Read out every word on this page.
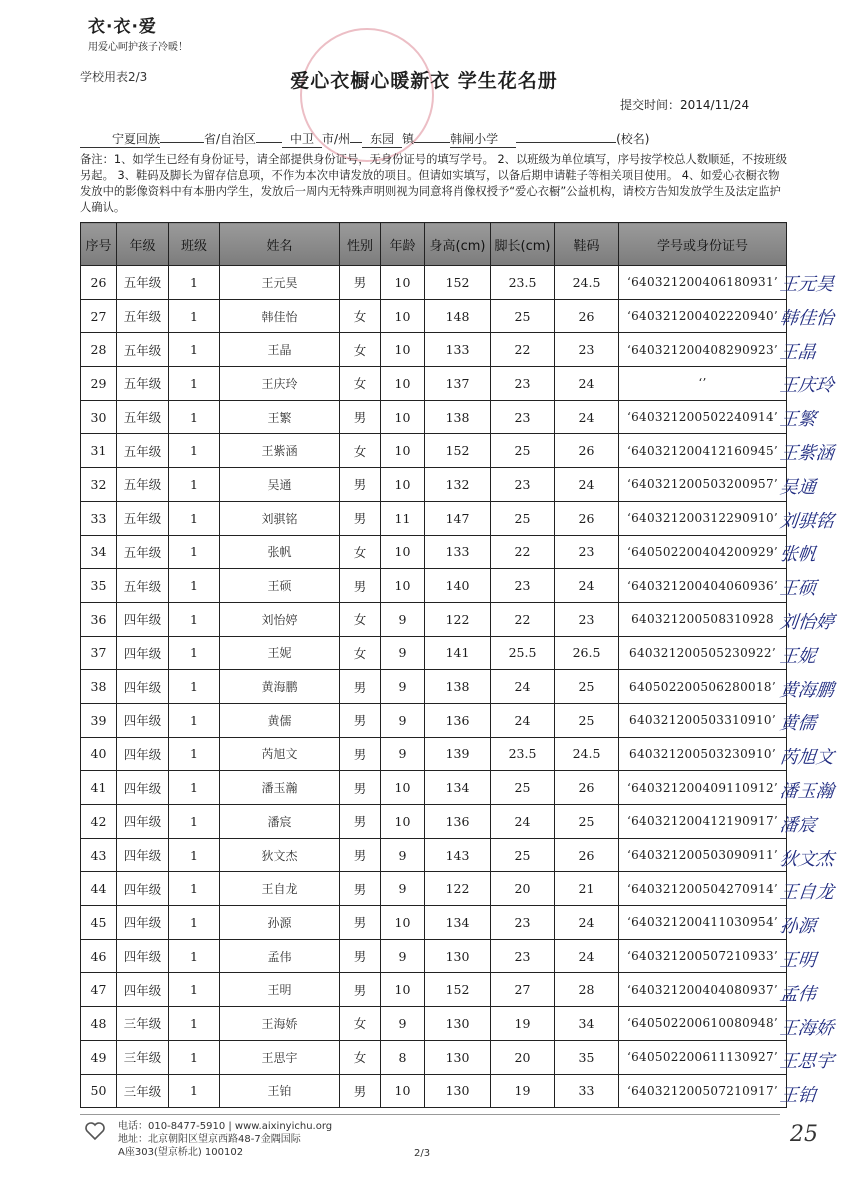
衣·衣·爱
用爱心呵护孩子冷暖！
学校用表2/3	爱心衣橱心暖新衣 学生花名册
提交时间：2014/11/24
宁夏回族	省/自治区	中卫 市/州 东园 镇	韩闸小学	(校名)
备注：1、如学生已经有身份证号，请全部提供身份证号，无身份证号的填写学号。 2、以班级为单位填写，序号按学校总人数顺延，不按班级另起。 3、鞋码及脚长为留存信息项，不作为本次申请发放的项目。但请如实填写，以备后期申请鞋子等相关项目使用。 4、如爱心衣橱衣物发放中的影像资料中有本册内学生，发放后一周内无特殊声明则视为同意将肖像权授予“爱心衣橱”公益机构，请校方告知发放学生及法定监护人确认。
序号	年级	班级	姓名	性别	年龄	身高(cm)	脚长(cm)	鞋码	学号或身份证号
26	五年级	1	王元昊	男	10	152	23.5	24.5	‘640321200406180931’
27	五年级	1	韩佳怡	女	10	148	25	26	‘640321200402220940’
28	五年级	1	王晶	女	10	133	22	23	‘640321200408290923’
29	五年级	1	王庆玲	女	10	137	23	24	‘’
30	五年级	1	王繁	男	10	138	23	24	‘640321200502240914’
31	五年级	1	王紫涵	女	10	152	25	26	‘640321200412160945’
32	五年级	1	吴通	男	10	132	23	24	‘640321200503200957’
33	五年级	1	刘骐铭	男	11	147	25	26	‘640321200312290910’
34	五年级	1	张帆	女	10	133	22	23	‘640502200404200929’
35	五年级	1	王硕	男	10	140	23	24	‘640321200404060936’
36	四年级	1	刘怡婷	女	9	122	22	23	640321200508310928
37	四年级	1	王妮	女	9	141	25.5	26.5	640321200505230922’
38	四年级	1	黄海鹏	男	9	138	24	25	640502200506280018’
39	四年级	1	黄儒	男	9	136	24	25	640321200503310910’
40	四年级	1	芮旭文	男	9	139	23.5	24.5	640321200503230910’
41	四年级	1	潘玉瀚	男	10	134	25	26	‘640321200409110912’
42	四年级	1	潘宸	男	10	136	24	25	‘640321200412190917’
43	四年级	1	狄文杰	男	9	143	25	26	‘640321200503090911’
44	四年级	1	王自龙	男	9	122	20	21	‘640321200504270914’
45	四年级	1	孙源	男	10	134	23	24	‘640321200411030954’
46	四年级	1	孟伟	男	9	130	23	24	‘640321200507210933’
47	四年级	1	王明	男	10	152	27	28	‘640321200404080937’
48	三年级	1	王海娇	女	9	130	19	34	‘640502200610080948’
49	三年级	1	王思宇	女	8	130	20	35	‘640502200611130927’
50	三年级	1	王铂	男	10	130	19	33	‘640321200507210917’
王元昊
韩佳怡
王晶
王庆玲
王繁
王紫涵
吴通
刘骐铭
张帆
王硕
刘怡婷
王妮
黄海鹏
黄儒
芮旭文
潘玉瀚
潘宸
狄文杰
王自龙
孙源
王明
孟伟
王海娇
王思宇
王铂
电话：010-8477-5910 | www.aixinyichu.org
地址：北京朝阳区望京西路48-7金隅国际
A座303(望京桥北) 100102	2/3
25
